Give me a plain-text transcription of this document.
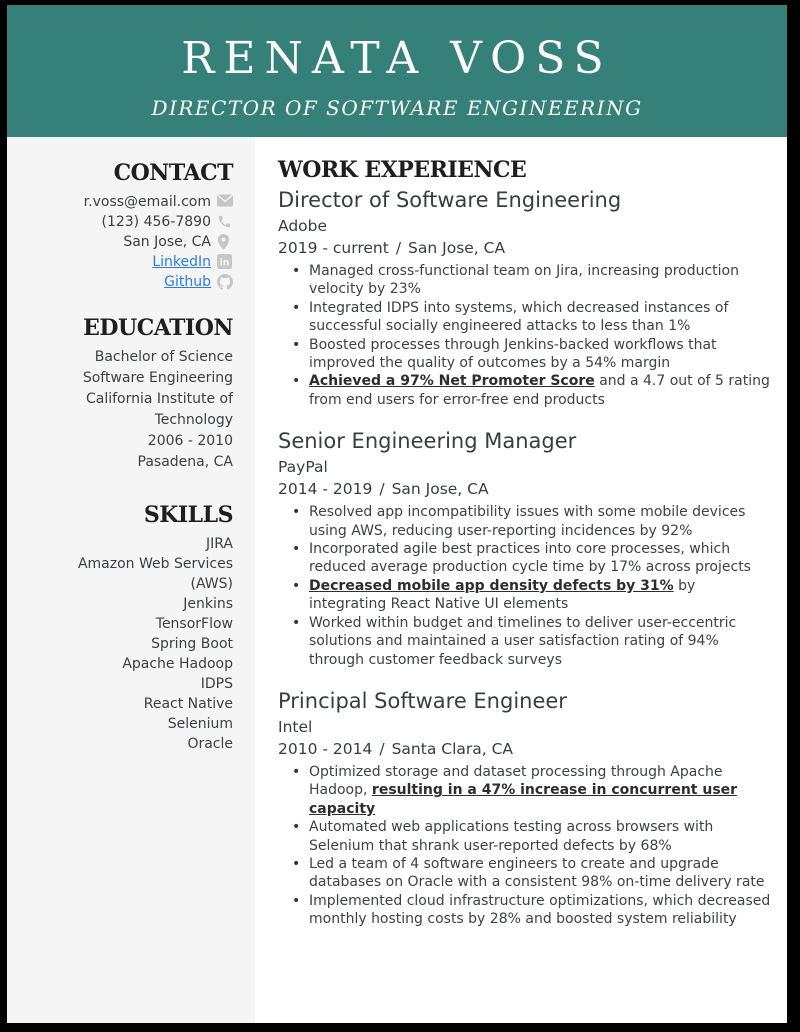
RENATA VOSS
DIRECTOR OF SOFTWARE ENGINEERING
CONTACT
r.voss@email.com
(123) 456-7890
San Jose, CA
LinkedIn in
Github
EDUCATION
Bachelor of Science
Software Engineering
California Institute of Technology
2006 - 2010
Pasadena, CA
SKILLS
JIRA
Amazon Web Services (AWS)
Jenkins
TensorFlow
Spring Boot
Apache Hadoop
IDPS
React Native
Selenium
Oracle
WORK EXPERIENCE
Director of Software Engineering
Adobe
2019 - current / San Jose, CA
• Managed cross-functional team on Jira, increasing production velocity by 23%
• Integrated IDPS into systems, which decreased instances of successful socially engineered attacks to less than 1%
• Boosted processes through Jenkins-backed workflows that improved the quality of outcomes by a 54% margin
• Achieved a 97% Net Promoter Score and a 4.7 out of 5 rating from end users for error-free end products
Senior Engineering Manager
PayPal
2014 - 2019 / San Jose, CA
• Resolved app incompatibility issues with some mobile devices using AWS, reducing user-reporting incidences by 92%
• Incorporated agile best practices into core processes, which reduced average production cycle time by 17% across projects
• Decreased mobile app density defects by 31% by integrating React Native UI elements
• Worked within budget and timelines to deliver user-eccentric solutions and maintained a user satisfaction rating of 94% through customer feedback surveys
Principal Software Engineer
Intel
2010 - 2014 / Santa Clara, CA
• Optimized storage and dataset processing through Apache Hadoop, resulting in a 47% increase in concurrent user capacity
• Automated web applications testing across browsers with Selenium that shrank user-reported defects by 68%
• Led a team of 4 software engineers to create and upgrade databases on Oracle with a consistent 98% on-time delivery rate
• Implemented cloud infrastructure optimizations, which decreased monthly hosting costs by 28% and boosted system reliability
